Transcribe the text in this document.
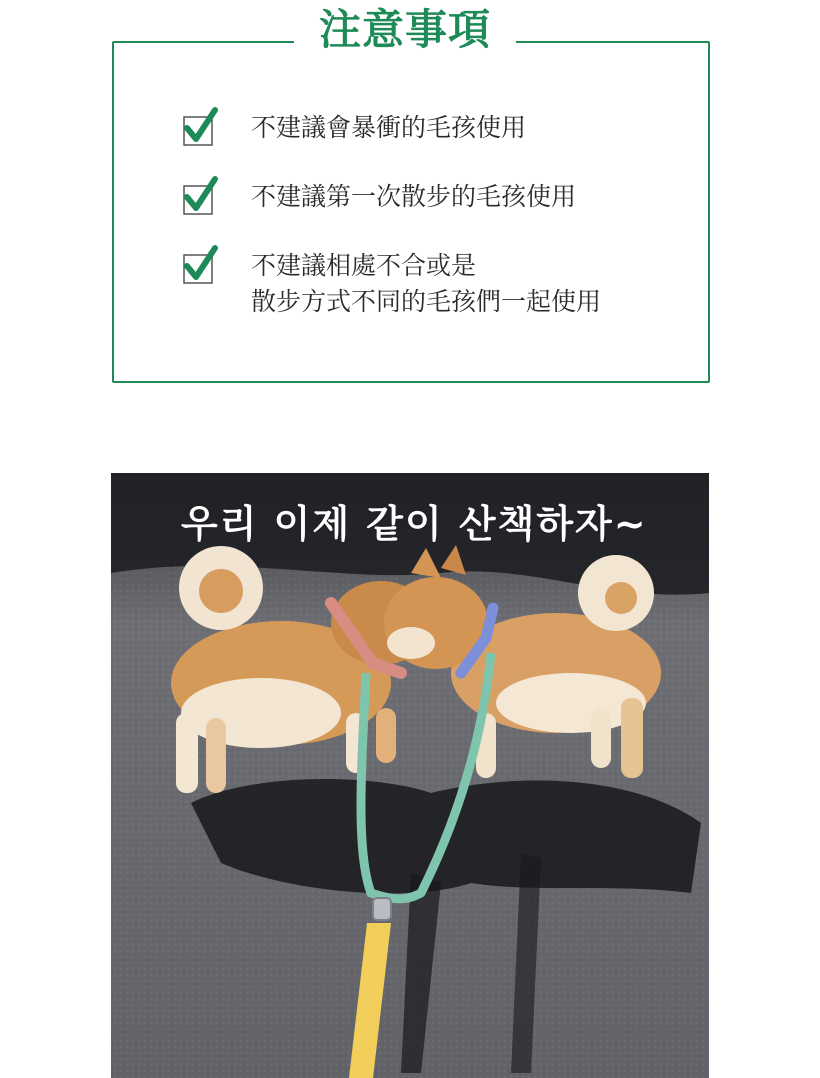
注意事項
不建議會暴衝的毛孩使用
不建議第一次散步的毛孩使用
不建議相處不合或是
散步方式不同的毛孩們一起使用
우리 이제 같이 산책하자~
